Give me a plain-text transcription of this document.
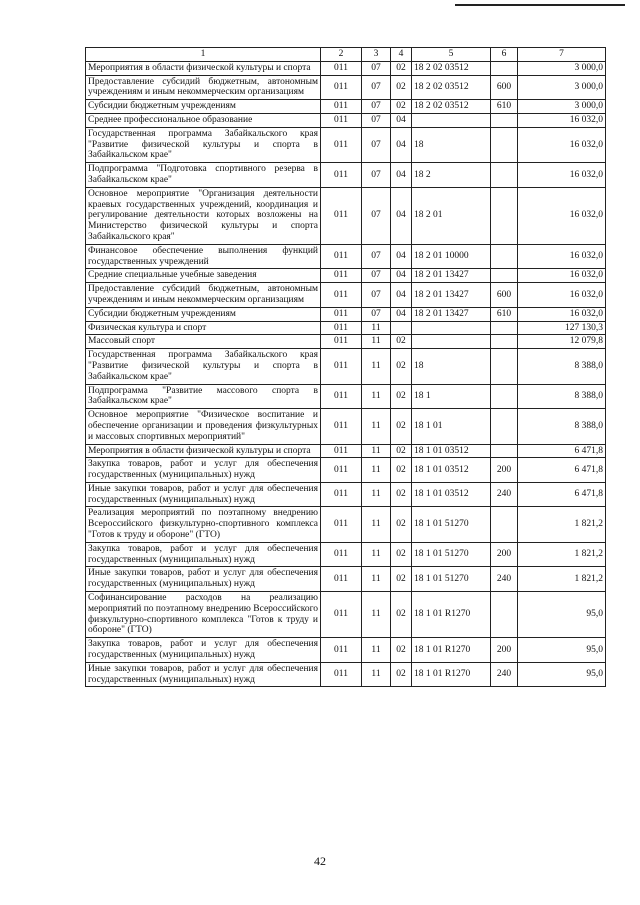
1	2	3	4	5	6	7
Мероприятия в области физической культуры и спорта	011	07	02	18 2 02 03512		3 000,0
Предоставление субсидий бюджетным, автономным учреждениям и иным некоммерческим организациям	011	07	02	18 2 02 03512	600	3 000,0
Субсидии бюджетным учреждениям	011	07	02	18 2 02 03512	610	3 000,0
Среднее профессиональное образование	011	07	04			16 032,0
Государственная программа Забайкальского края "Развитие физической культуры и спорта в Забайкальском крае"	011	07	04	18		16 032,0
Подпрограмма "Подготовка спортивного резерва в Забайкальском крае"	011	07	04	18 2		16 032,0
Основное мероприятие "Организация деятельности краевых государственных учреждений, координация и регулирование деятельности которых возложены на Министерство физической культуры и спорта Забайкальского края"	011	07	04	18 2 01		16 032,0
Финансовое обеспечение выполнения функций государственных учреждений	011	07	04	18 2 01 10000		16 032,0
Средние специальные учебные заведения	011	07	04	18 2 01 13427		16 032,0
Предоставление субсидий бюджетным, автономным учреждениям и иным некоммерческим организациям	011	07	04	18 2 01 13427	600	16 032,0
Субсидии бюджетным учреждениям	011	07	04	18 2 01 13427	610	16 032,0
Физическая культура и спорт	011	11				127 130,3
Массовый спорт	011	11	02			12 079,8
Государственная программа Забайкальского края "Развитие физической культуры и спорта в Забайкальском крае"	011	11	02	18		8 388,0
Подпрограмма "Развитие массового спорта в Забайкальском крае"	011	11	02	18 1		8 388,0
Основное мероприятие "Физическое воспитание и обеспечение организации и проведения физкультурных и массовых спортивных мероприятий"	011	11	02	18 1 01		8 388,0
Мероприятия в области физической культуры и спорта	011	11	02	18 1 01 03512		6 471,8
Закупка товаров, работ и услуг для обеспечения государственных (муниципальных) нужд	011	11	02	18 1 01 03512	200	6 471,8
Иные закупки товаров, работ и услуг для обеспечения государственных (муниципальных) нужд	011	11	02	18 1 01 03512	240	6 471,8
Реализация мероприятий по поэтапному внедрению Всероссийского физкультурно-спортивного комплекса "Готов к труду и обороне" (ГТО)	011	11	02	18 1 01 51270		1 821,2
Закупка товаров, работ и услуг для обеспечения государственных (муниципальных) нужд	011	11	02	18 1 01 51270	200	1 821,2
Иные закупки товаров, работ и услуг для обеспечения государственных (муниципальных) нужд	011	11	02	18 1 01 51270	240	1 821,2
Софинансирование расходов на реализацию мероприятий по поэтапному внедрению Всероссийского физкультурно-спортивного комплекса "Готов к труду и обороне" (ГТО)	011	11	02	18 1 01 R1270		95,0
Закупка товаров, работ и услуг для обеспечения государственных (муниципальных) нужд	011	11	02	18 1 01 R1270	200	95,0
Иные закупки товаров, работ и услуг для обеспечения государственных (муниципальных) нужд	011	11	02	18 1 01 R1270	240	95,0
42
